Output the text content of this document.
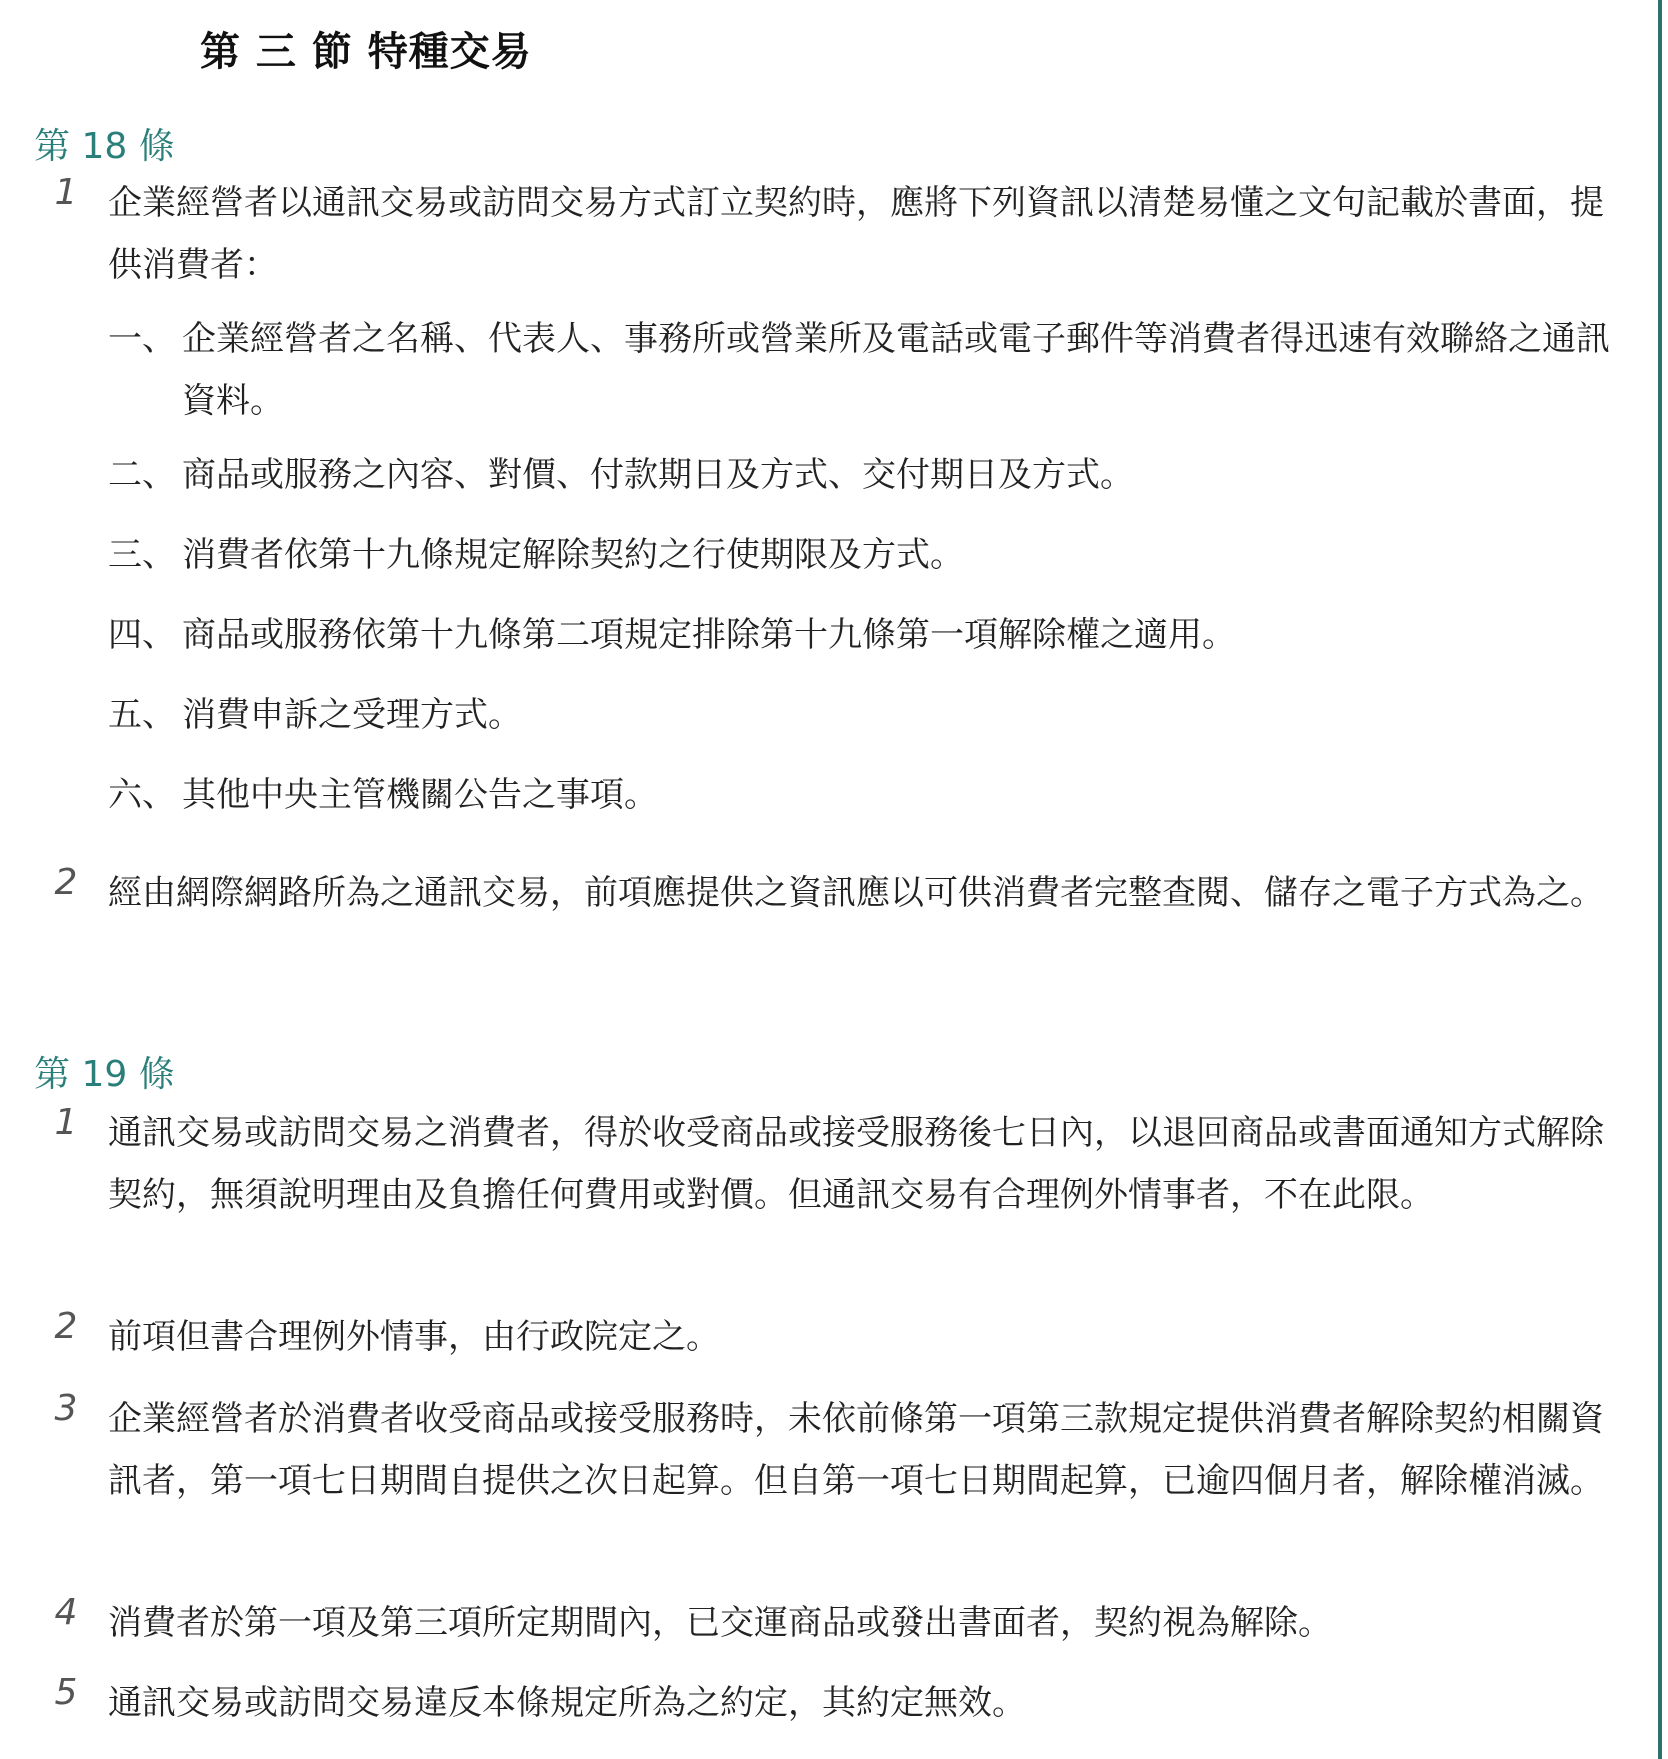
第 三 節 特種交易
第 18 條
1 企業經營者以通訊交易或訪問交易方式訂立契約時，應將下列資訊以清楚易懂之文句記載於書面，提供消費者：
一、 企業經營者之名稱、代表人、事務所或營業所及電話或電子郵件等消費者得迅速有效聯絡之通訊資料。
二、 商品或服務之內容、對價、付款期日及方式、交付期日及方式。
三、 消費者依第十九條規定解除契約之行使期限及方式。
四、 商品或服務依第十九條第二項規定排除第十九條第一項解除權之適用。
五、 消費申訴之受理方式。
六、 其他中央主管機關公告之事項。
2 經由網際網路所為之通訊交易，前項應提供之資訊應以可供消費者完整查閱、儲存之電子方式為之。
第 19 條
1 通訊交易或訪問交易之消費者，得於收受商品或接受服務後七日內，以退回商品或書面通知方式解除契約，無須說明理由及負擔任何費用或對價。但通訊交易有合理例外情事者，不在此限。
2 前項但書合理例外情事，由行政院定之。
3 企業經營者於消費者收受商品或接受服務時，未依前條第一項第三款規定提供消費者解除契約相關資訊者，第一項七日期間自提供之次日起算。但自第一項七日期間起算，已逾四個月者，解除權消滅。
4 消費者於第一項及第三項所定期間內，已交運商品或發出書面者，契約視為解除。
5 通訊交易或訪問交易違反本條規定所為之約定，其約定無效。
